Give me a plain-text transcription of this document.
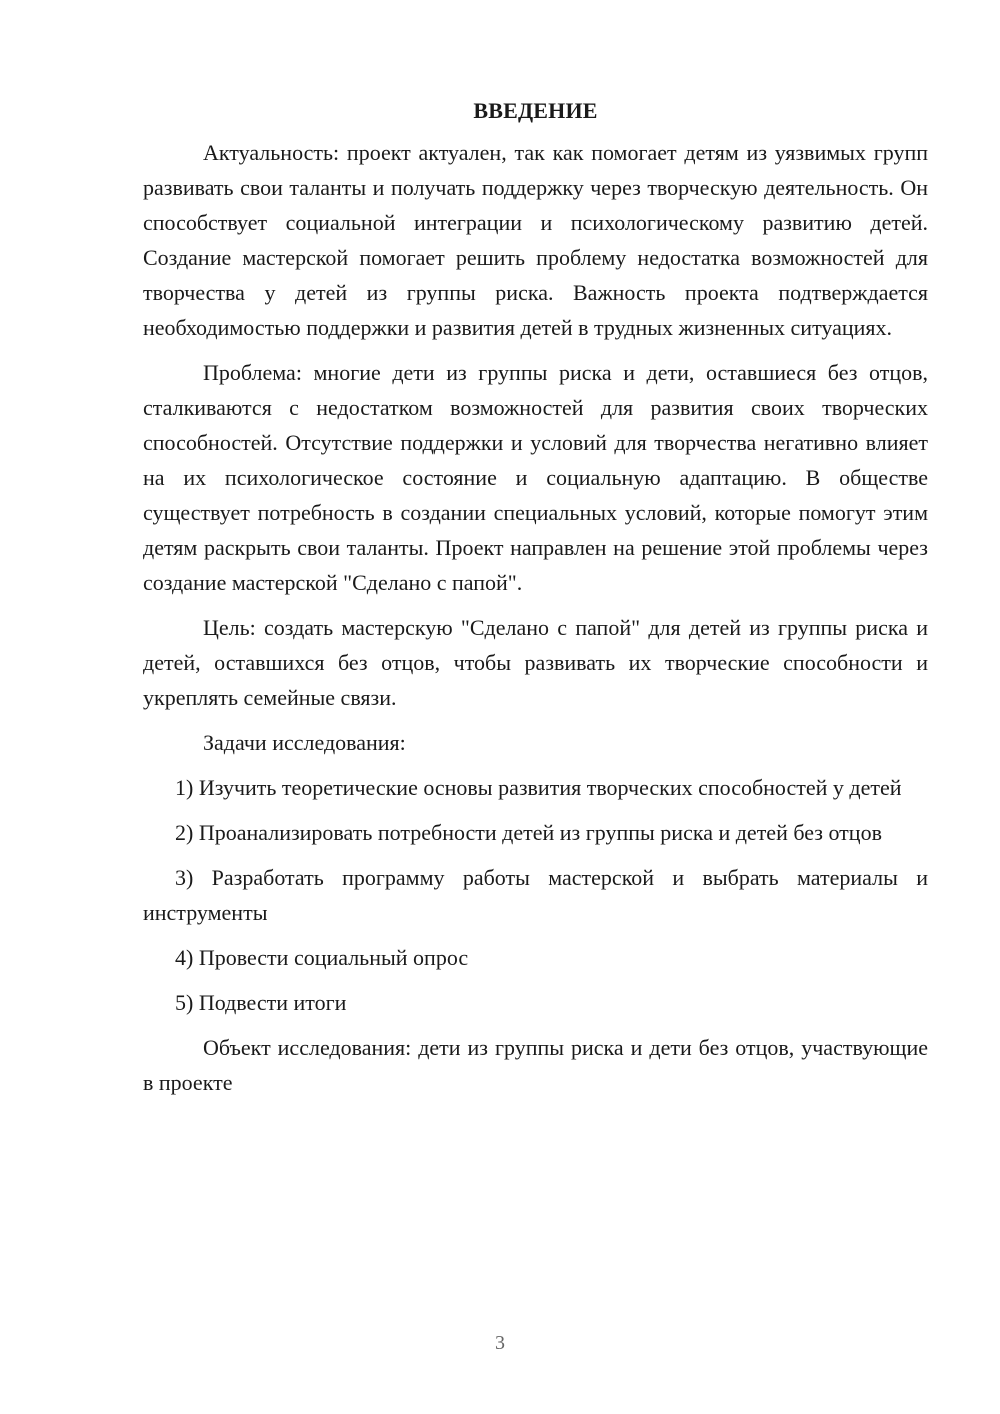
ВВЕДЕНИЕ

Актуальность: проект актуален, так как помогает детям из уязвимых групп развивать свои таланты и получать поддержку через творческую деятельность. Он способствует социальной интеграции и психологическому развитию детей. Создание мастерской помогает решить проблему недостатка возможностей для творчества у детей из группы риска. Важность проекта подтверждается необходимостью поддержки и развития детей в трудных жизненных ситуациях.

Проблема: многие дети из группы риска и дети, оставшиеся без отцов, сталкиваются с недостатком возможностей для развития своих творческих способностей. Отсутствие поддержки и условий для творчества негативно влияет на их психологическое состояние и социальную адаптацию. В обществе существует потребность в создании специальных условий, которые помогут этим детям раскрыть свои таланты. Проект направлен на решение этой проблемы через создание мастерской "Сделано с папой".

Цель: создать мастерскую "Сделано с папой" для детей из группы риска и детей, оставшихся без отцов, чтобы развивать их творческие способности и укреплять семейные связи.

Задачи исследования:

1) Изучить теоретические основы развития творческих способностей у детей

2) Проанализировать потребности детей из группы риска и детей без отцов

3) Разработать программу работы мастерской и выбрать материалы и инструменты

4) Провести социальный опрос

5) Подвести итоги

Объект исследования: дети из группы риска и дети без отцов, участвующие в проекте

3
